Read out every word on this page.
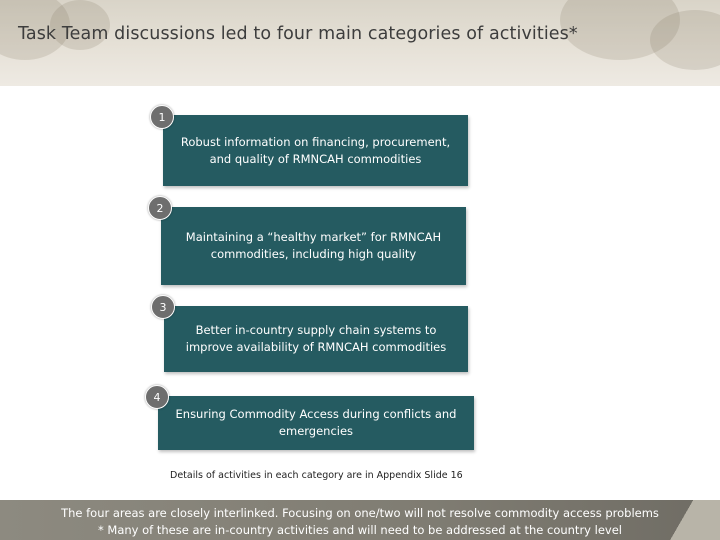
Task Team discussions led to four main categories of activities*
Robust information on financing, procurement,
and quality of RMNCAH commodities
1
Maintaining a “healthy market” for RMNCAH
commodities, including high quality
2
Better in-country supply chain systems to
improve availability of RMNCAH commodities
3
Ensuring Commodity Access during conflicts and
emergencies
4
Details of activities in each category are in Appendix Slide 16
The four areas are closely interlinked. Focusing on one/two will not resolve commodity access problems
* Many of these are in-country activities and will need to be addressed at the country level
